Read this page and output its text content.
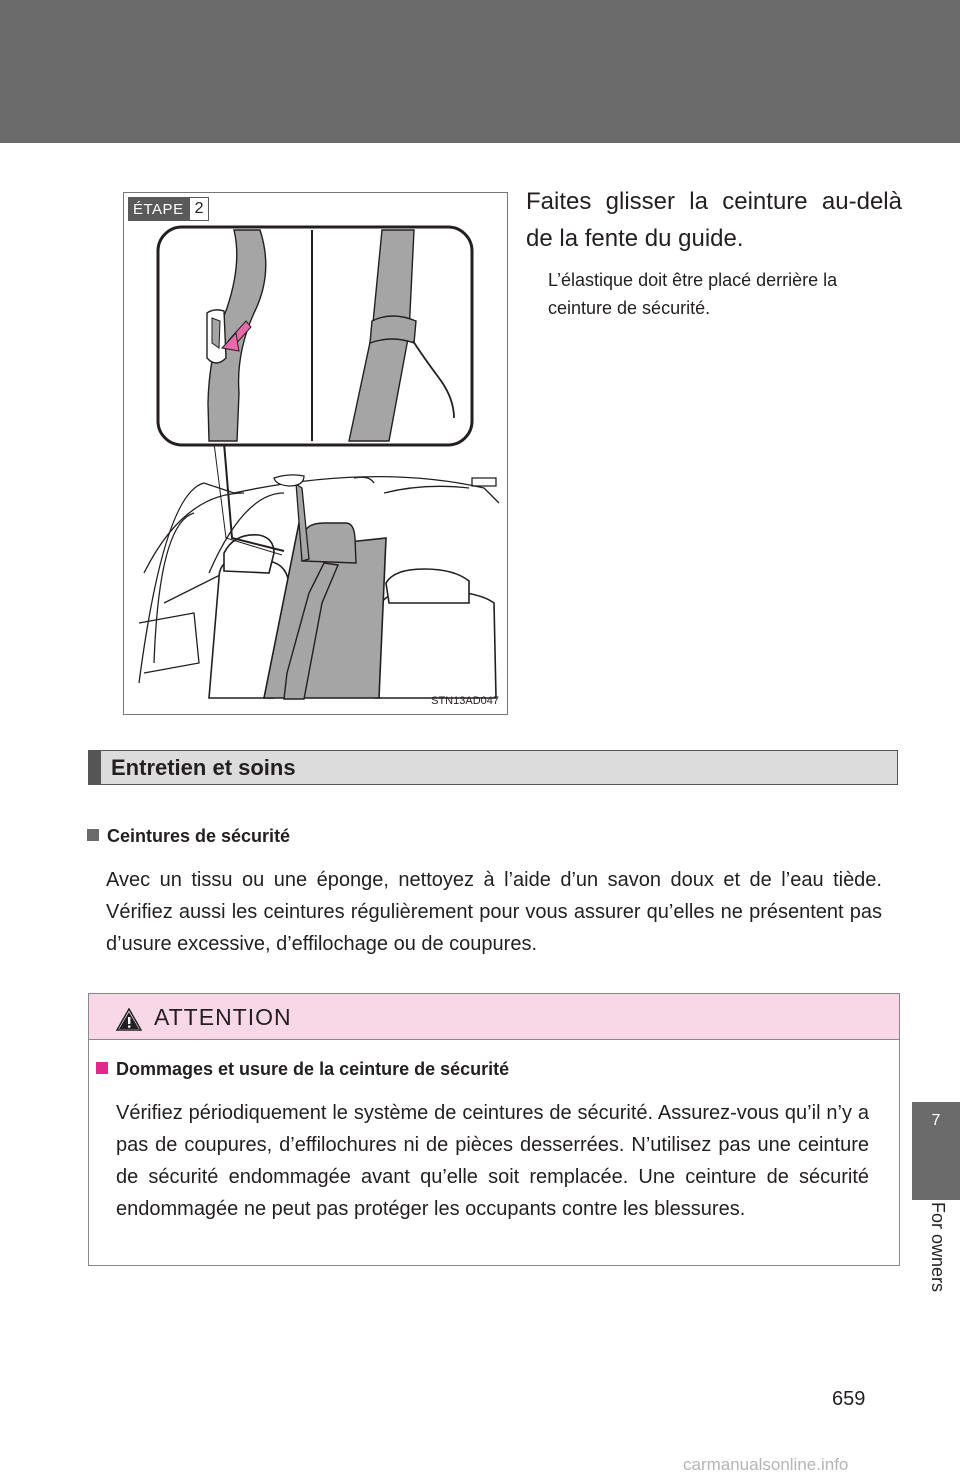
ÉTAPE 2
STN13AD047

Faites glisser la ceinture au-delà de la fente du guide.

L’élastique doit être placé derrière la ceinture de sécurité.

Entretien et soins
Ceintures de sécurité

Avec un tissu ou une éponge, nettoyez à l’aide d’un savon doux et de l’eau tiède. Vérifiez aussi les ceintures régulièrement pour vous assurer qu’elles ne présentent pas d’usure excessive, d’effilochage ou de coupures.

ATTENTION
Dommages et usure de la ceinture de sécurité

Vérifiez périodiquement le système de ceintures de sécurité. Assurez-vous qu’il n’y a pas de coupures, d’effilochures ni de pièces desserrées. N’utilisez pas une ceinture de sécurité endommagée avant qu’elle soit remplacée. Une ceinture de sécurité endommagée ne peut pas protéger les occupants contre les blessures.

7
For owners
659
carmanualsonline.info
